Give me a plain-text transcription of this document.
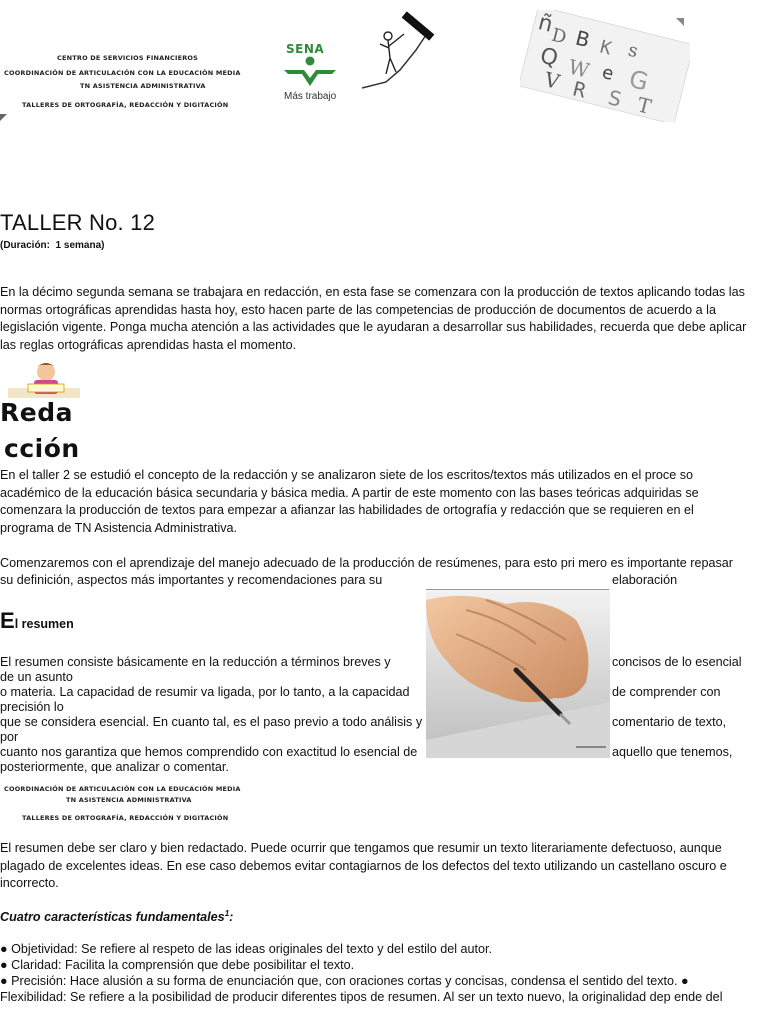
CENTRO DE SERVICIOS FINANCIEROS
COORDINACIÓN DE ARTICULACIÓN CON LA EDUCACIÓN MEDIA
TN ASISTENCIA ADMINISTRATIVA
TALLERES DE ORTOGRAFÍA, REDACCIÓN Y DIGITACIÓN
SENA
Más trabajo
ñ
D B K s
Q W e G
V R S T
TALLER No. 12
(Duración:  1 semana)

En la décimo segunda semana se trabajara en redacción, en esta fase se comenzara con la producción de textos aplicando todas las normas ortográficas aprendidas hasta hoy, esto hacen parte de las competencias de producción de documentos de acuerdo a la legislación vigente. Ponga mucha atención a las actividades que le ayudaran a desarrollar sus habilidades, recuerda que debe aplicar las reglas ortográficas aprendidas hasta el momento.

Reda
cción

En el taller 2 se estudió el concepto de la redacción y se analizaron siete de los escritos/textos más utilizados en el proce so académico de la educación básica secundaria y básica media. A partir de este momento con las bases teóricas adquiridas se comenzara la producción de textos para empezar a afianzar las habilidades de ortografía y redacción que se requieren en el programa de TN Asistencia Administrativa.

Comenzaremos con el aprendizaje del manejo adecuado de la producción de resúmenes, para esto pri mero es importante repasar
su definición, aspectos más importantes y recomendaciones para su	elaboración
El resumen
El resumen consiste básicamente en la reducción a términos breves y	concisos de lo esencial
de un asunto
o materia. La capacidad de resumir va ligada, por lo tanto, a la capacidad	de comprender con
precisión lo
que se considera esencial. En cuanto tal, es el paso previo a todo análisis y	comentario de texto,
por
cuanto nos garantiza que hemos comprendido con exactitud lo esencial de	aquello que tenemos,
posteriormente, que analizar o comentar.
COORDINACIÓN DE ARTICULACIÓN CON LA EDUCACIÓN MEDIA
TN ASISTENCIA ADMINISTRATIVA
TALLERES DE ORTOGRAFÍA, REDACCIÓN Y DIGITACIÓN

El resumen debe ser claro y bien redactado. Puede ocurrir que tengamos que resumir un texto literariamente defectuoso, aunque plagado de excelentes ideas. En ese caso debemos evitar contagiarnos de los defectos del texto utilizando un castellano oscuro e incorrecto.

Cuatro características fundamentales$^1$:
● Objetividad: Se refiere al respeto de las ideas originales del texto y del estilo del autor.
● Claridad: Facilita la comprensión que debe posibilitar el texto.
● Precisión: Hace alusión a su forma de enunciación que, con oraciones cortas y concisas, condensa el sentido del texto. ●
Flexibilidad: Se refiere a la posibilidad de producir diferentes tipos de resumen. Al ser un texto nuevo, la originalidad dep ende del
